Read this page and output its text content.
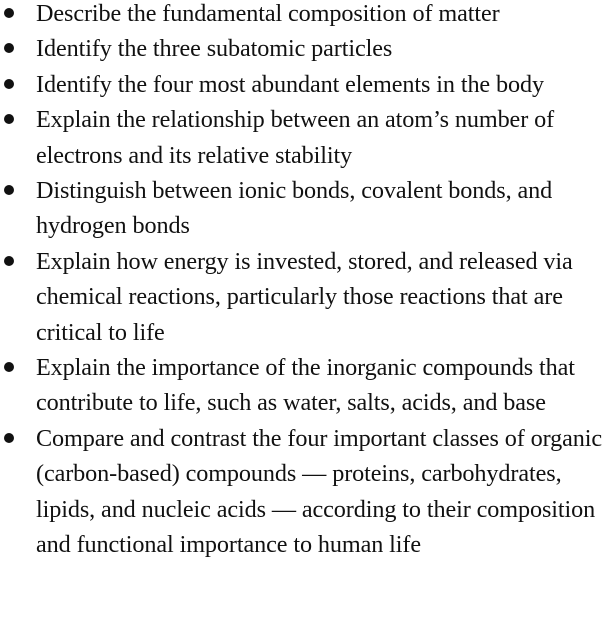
Describe the fundamental composition of matter
Identify the three subatomic particles
Identify the four most abundant elements in the body
Explain the relationship between an atom’s number of electrons and its relative stability
Distinguish between ionic bonds, covalent bonds, and hydrogen bonds
Explain how energy is invested, stored, and released via chemical reactions, particularly those reactions that are critical to life
Explain the importance of the inorganic compounds that contribute to life, such as water, salts, acids, and base
Compare and contrast the four important classes of organic (carbon-based) compounds — proteins, carbohydrates, lipids, and nucleic acids — according to their composition and functional importance to human life
